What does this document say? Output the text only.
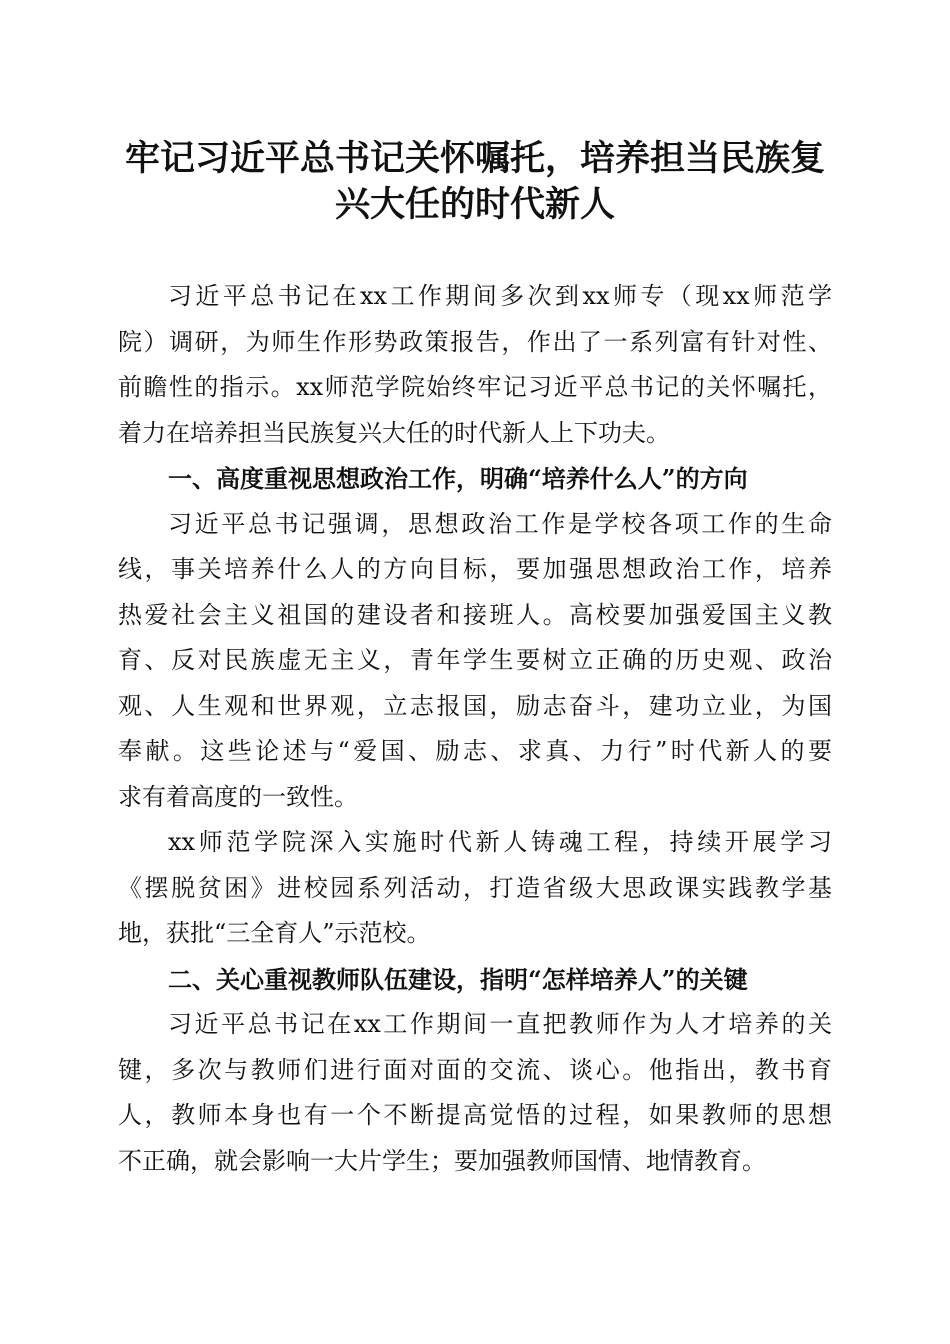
牢记习近平总书记关怀嘱托，培养担当民族复
兴大任的时代新人
习近平总书记在xx工作期间多次到xx师专（现xx师范学
院）调研，为师生作形势政策报告，作出了一系列富有针对性、
前瞻性的指示。xx师范学院始终牢记习近平总书记的关怀嘱托，
着力在培养担当民族复兴大任的时代新人上下功夫。
一、高度重视思想政治工作，明确“培养什么人”的方向
习近平总书记强调，思想政治工作是学校各项工作的生命
线，事关培养什么人的方向目标，要加强思想政治工作，培养
热爱社会主义祖国的建设者和接班人。高校要加强爱国主义教
育、反对民族虚无主义，青年学生要树立正确的历史观、政治
观、人生观和世界观，立志报国，励志奋斗，建功立业，为国
奉献。这些论述与“爱国、励志、求真、力行”时代新人的要
求有着高度的一致性。
xx师范学院深入实施时代新人铸魂工程，持续开展学习
《摆脱贫困》进校园系列活动，打造省级大思政课实践教学基
地，获批“三全育人”示范校。
二、关心重视教师队伍建设，指明“怎样培养人”的关键
习近平总书记在xx工作期间一直把教师作为人才培养的关
键，多次与教师们进行面对面的交流、谈心。他指出，教书育
人，教师本身也有一个不断提高觉悟的过程，如果教师的思想
不正确，就会影响一大片学生；要加强教师国情、地情教育。
